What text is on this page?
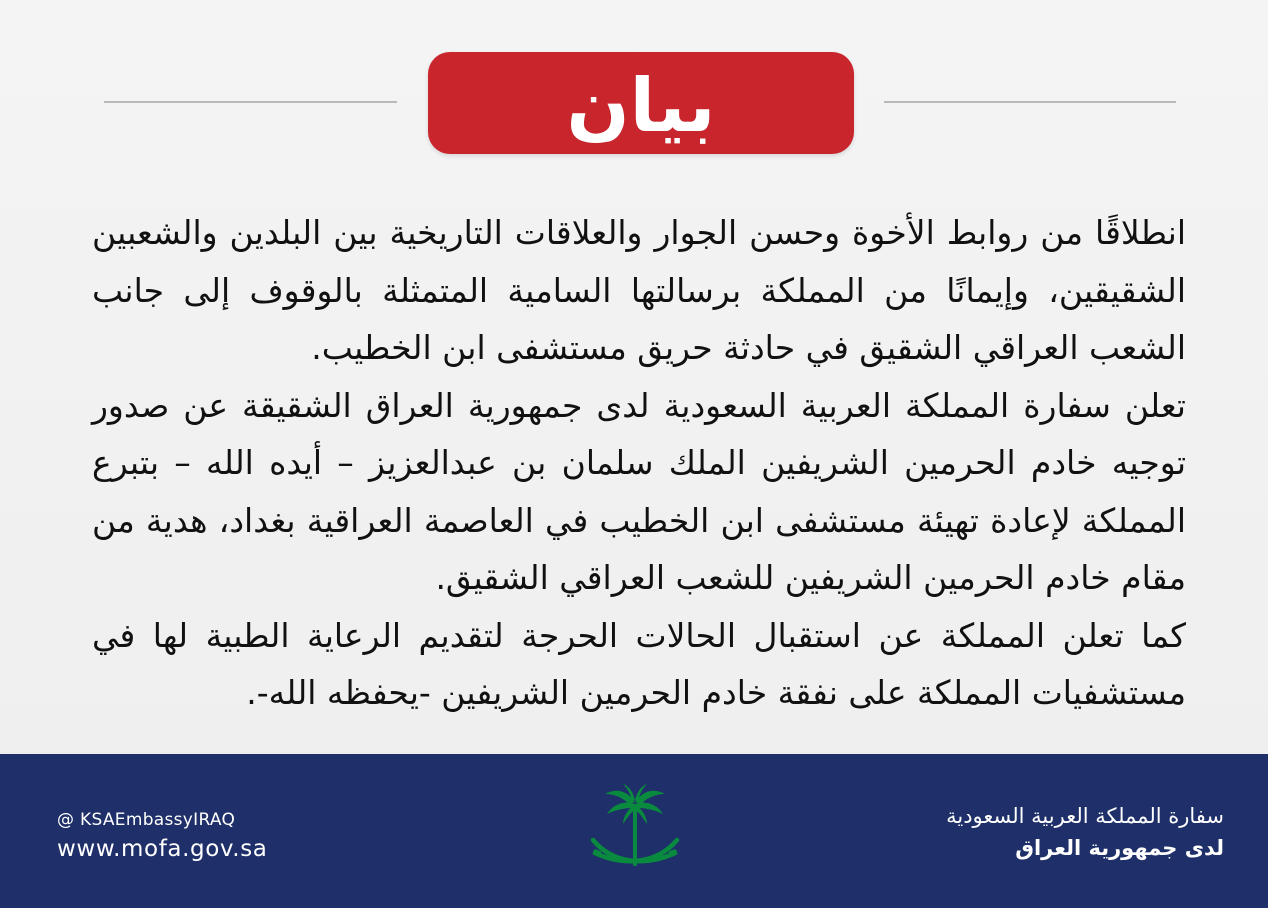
بيان

انطلاقًا من روابط الأخوة وحسن الجوار والعلاقات التاريخية بين البلدين والشعبين الشقيقين، وإيمانًا من المملكة برسالتها السامية المتمثلة بالوقوف إلى جانب الشعب العراقي الشقيق في حادثة حريق مستشفى ابن الخطيب.

تعلن سفارة المملكة العربية السعودية لدى جمهورية العراق الشقيقة عن صدور توجيه خادم الحرمين الشريفين الملك سلمان بن عبدالعزيز – أيده الله – بتبرع المملكة لإعادة تهيئة مستشفى ابن الخطيب في العاصمة العراقية بغداد، هدية من مقام خادم الحرمين الشريفين للشعب العراقي الشقيق.

كما تعلن المملكة عن استقبال الحالات الحرجة لتقديم الرعاية الطبية لها في مستشفيات المملكة على نفقة خادم الحرمين الشريفين -يحفظه الله-.

@ KSAEmbassyIRAQ
www.mofa.gov.sa
سفارة المملكة العربية السعودية
لدى جمهورية العراق
